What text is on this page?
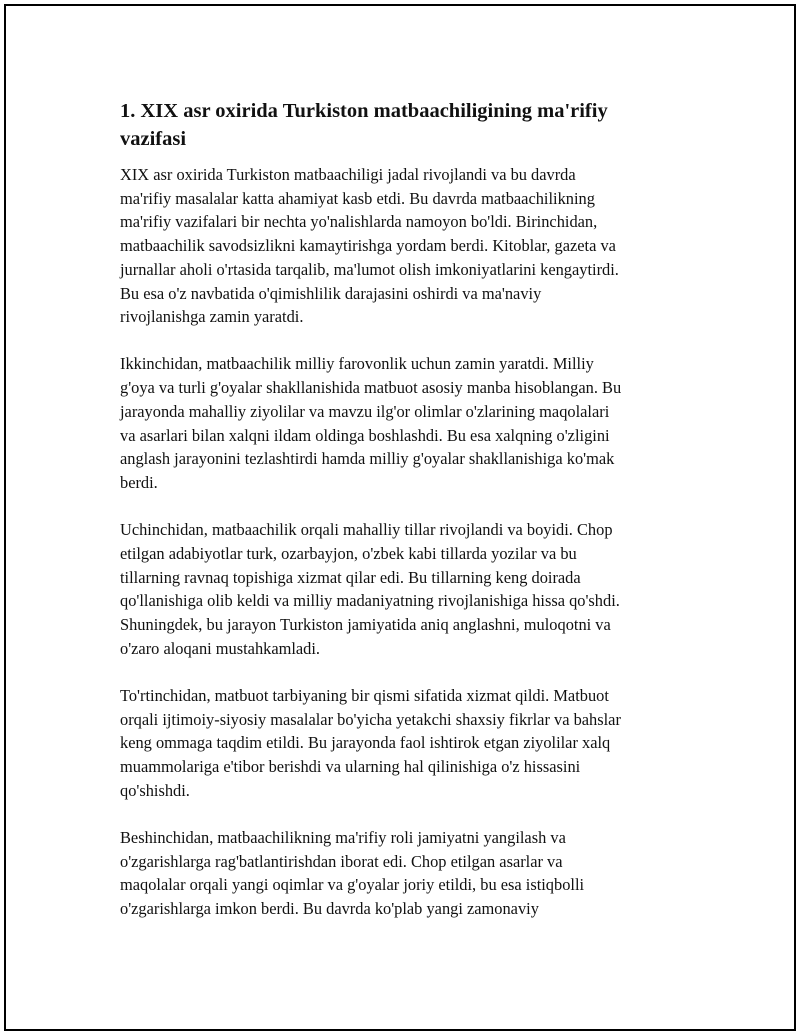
1. XIX asr oxirida Turkiston matbaachiligining ma'rifiy
vazifasi

XIX asr oxirida Turkiston matbaachiligi jadal rivojlandi va bu davrda
ma'rifiy masalalar katta ahamiyat kasb etdi. Bu davrda matbaachilikning
ma'rifiy vazifalari bir nechta yo'nalishlarda namoyon bo'ldi. Birinchidan,
matbaachilik savodsizlikni kamaytirishga yordam berdi. Kitoblar, gazeta va
jurnallar aholi o'rtasida tarqalib, ma'lumot olish imkoniyatlarini kengaytirdi.
Bu esa o'z navbatida o'qimishlilik darajasini oshirdi va ma'naviy
rivojlanishga zamin yaratdi.

Ikkinchidan, matbaachilik milliy farovonlik uchun zamin yaratdi. Milliy
g'oya va turli g'oyalar shakllanishida matbuot asosiy manba hisoblangan. Bu
jarayonda mahalliy ziyolilar va mavzu ilg'or olimlar o'zlarining maqolalari
va asarlari bilan xalqni ildam oldinga boshlashdi. Bu esa xalqning o'zligini
anglash jarayonini tezlashtirdi hamda milliy g'oyalar shakllanishiga ko'mak
berdi.

Uchinchidan, matbaachilik orqali mahalliy tillar rivojlandi va boyidi. Chop
etilgan adabiyotlar turk, ozarbayjon, o'zbek kabi tillarda yozilar va bu
tillarning ravnaq topishiga xizmat qilar edi. Bu tillarning keng doirada
qo'llanishiga olib keldi va milliy madaniyatning rivojlanishiga hissa qo'shdi.
Shuningdek, bu jarayon Turkiston jamiyatida aniq anglashni, muloqotni va
o'zaro aloqani mustahkamladi.

To'rtinchidan, matbuot tarbiyaning bir qismi sifatida xizmat qildi. Matbuot
orqali ijtimoiy-siyosiy masalalar bo'yicha yetakchi shaxsiy fikrlar va bahslar
keng ommaga taqdim etildi. Bu jarayonda faol ishtirok etgan ziyolilar xalq
muammolariga e'tibor berishdi va ularning hal qilinishiga o'z hissasini
qo'shishdi.

Beshinchidan, matbaachilikning ma'rifiy roli jamiyatni yangilash va
o'zgarishlarga rag'batlantirishdan iborat edi. Chop etilgan asarlar va
maqolalar orqali yangi oqimlar va g'oyalar joriy etildi, bu esa istiqbolli
o'zgarishlarga imkon berdi. Bu davrda ko'plab yangi zamonaviy
